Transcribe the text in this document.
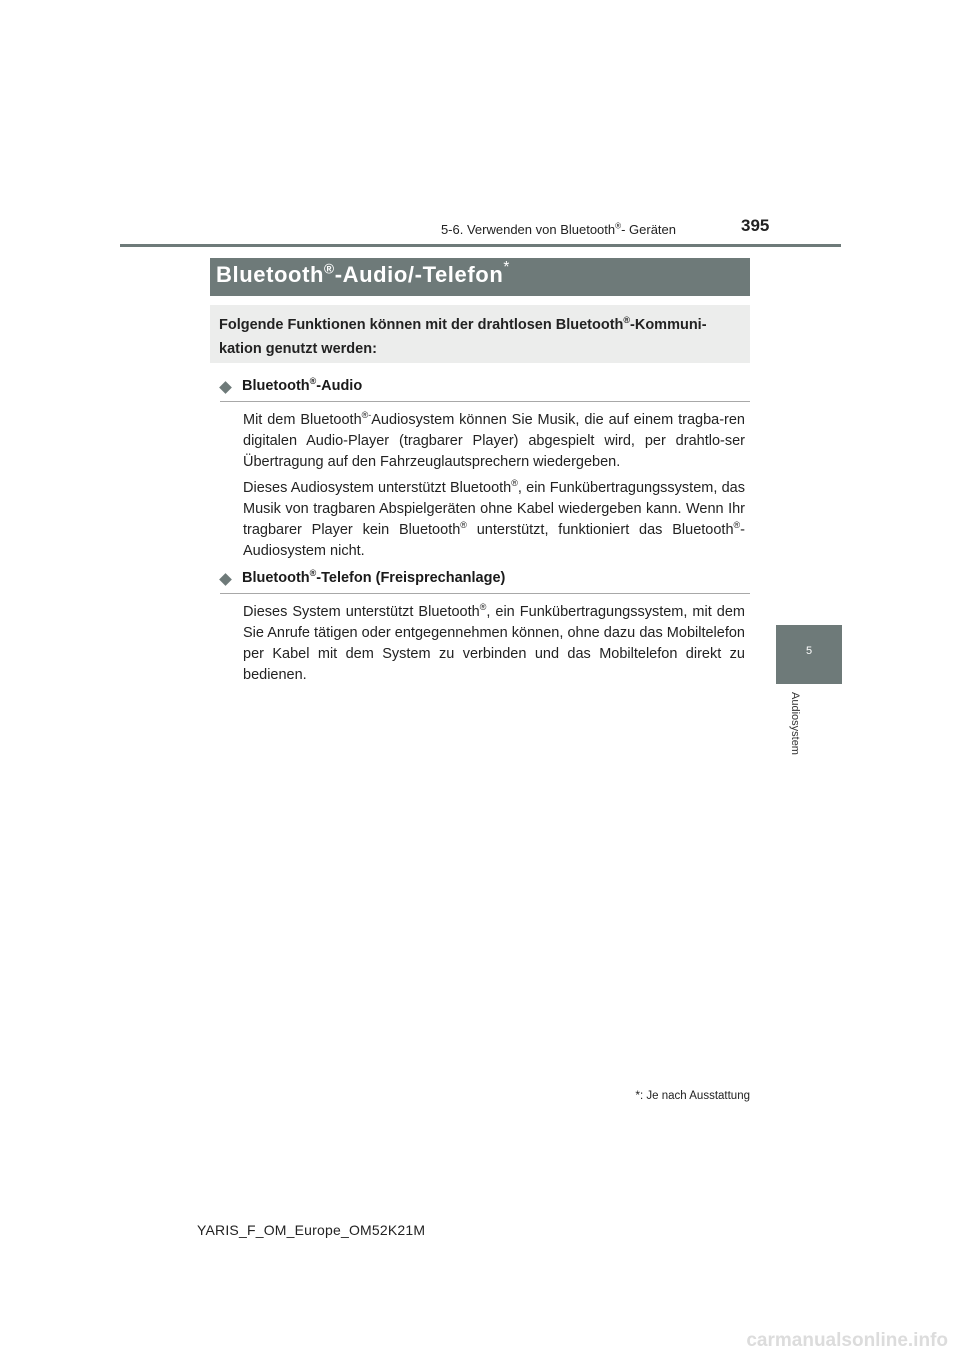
5-6. Verwenden von Bluetooth®- Geräten	395
5
Audiosystem
Bluetooth®-Audio/-Telefon*
Folgende Funktionen können mit der drahtlosen Bluetooth®-Kommuni-kation genutzt werden:
Bluetooth®-Audio

Mit dem Bluetooth®-Audiosystem können Sie Musik, die auf einem tragba-ren digitalen Audio-Player (tragbarer Player) abgespielt wird, per drahtlo-ser Übertragung auf den Fahrzeuglautsprechern wiedergeben.

Dieses Audiosystem unterstützt Bluetooth®, ein Funkübertragungssystem, das Musik von tragbaren Abspielgeräten ohne Kabel wiedergeben kann. Wenn Ihr tragbarer Player kein Bluetooth® unterstützt, funktioniert das Bluetooth®-Audiosystem nicht.

Bluetooth®-Telefon (Freisprechanlage)

Dieses System unterstützt Bluetooth®, ein Funkübertragungssystem, mit dem Sie Anrufe tätigen oder entgegennehmen können, ohne dazu das Mobiltelefon per Kabel mit dem System zu verbinden und das Mobiltelefon direkt zu bedienen.

*: Je nach Ausstattung
YARIS_F_OM_Europe_OM52K21M
carmanualsonline.info
